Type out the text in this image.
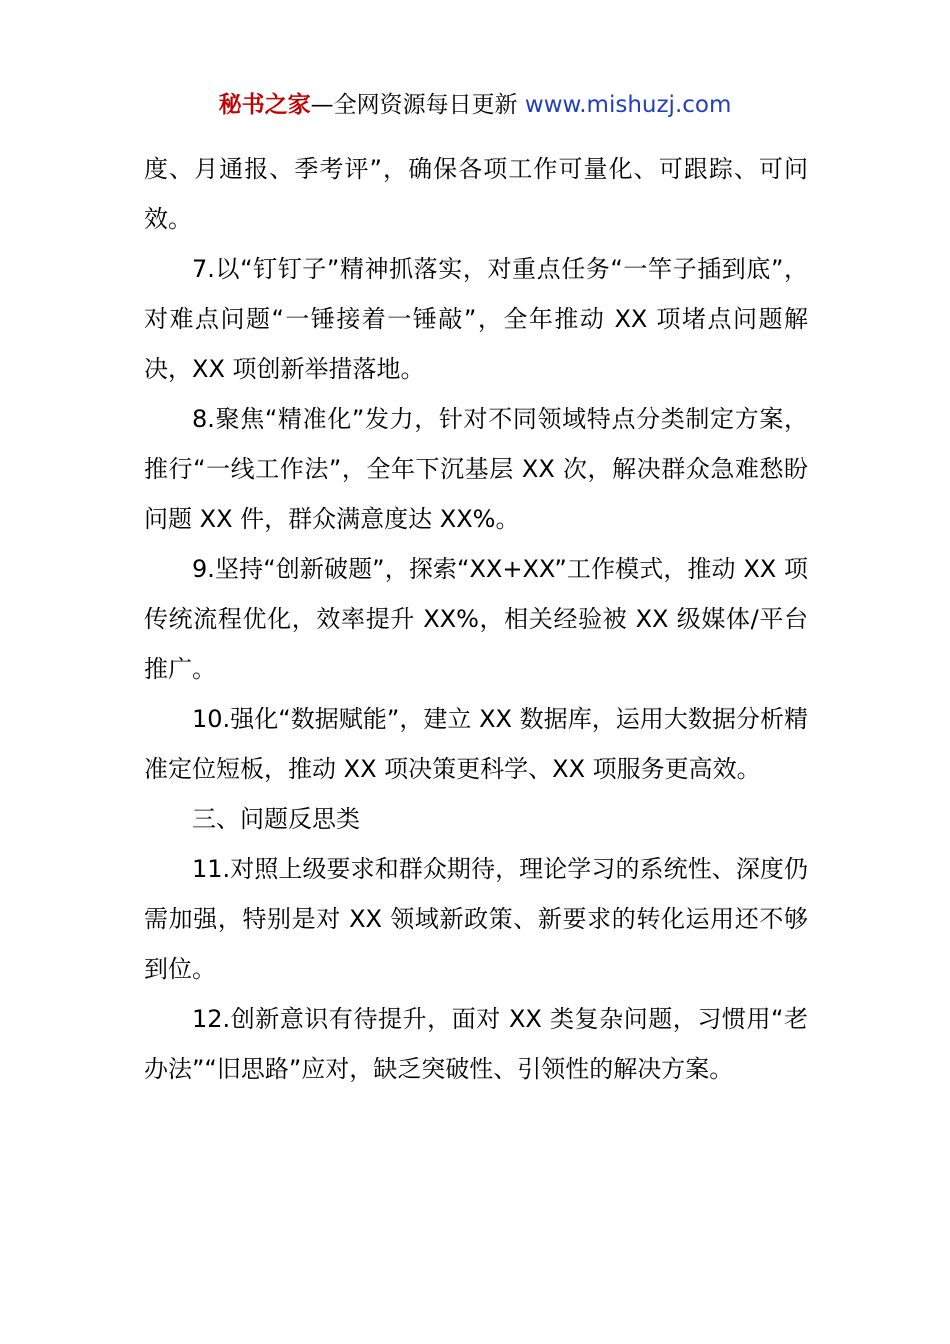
秘书之家—全网资源每日更新 www.mishuzj.com

度、月通报、季考评”，确保各项工作可量化、可跟踪、可问效。

7.以“钉钉子”精神抓落实，对重点任务“一竿子插到底”，对难点问题“一锤接着一锤敲”，全年推动 XX 项堵点问题解决，XX 项创新举措落地。

8.聚焦“精准化”发力，针对不同领域特点分类制定方案，推行“一线工作法”，全年下沉基层 XX 次，解决群众急难愁盼问题 XX 件，群众满意度达 XX%。

9.坚持“创新破题”，探索“XX+XX”工作模式，推动 XX 项传统流程优化，效率提升 XX%，相关经验被 XX 级媒体/平台推广。

10.强化“数据赋能”，建立 XX 数据库，运用大数据分析精准定位短板，推动 XX 项决策更科学、XX 项服务更高效。

三、问题反思类

11.对照上级要求和群众期待，理论学习的系统性、深度仍需加强，特别是对 XX 领域新政策、新要求的转化运用还不够到位。

12.创新意识有待提升，面对 XX 类复杂问题，习惯用“老办法”“旧思路”应对，缺乏突破性、引领性的解决方案。
